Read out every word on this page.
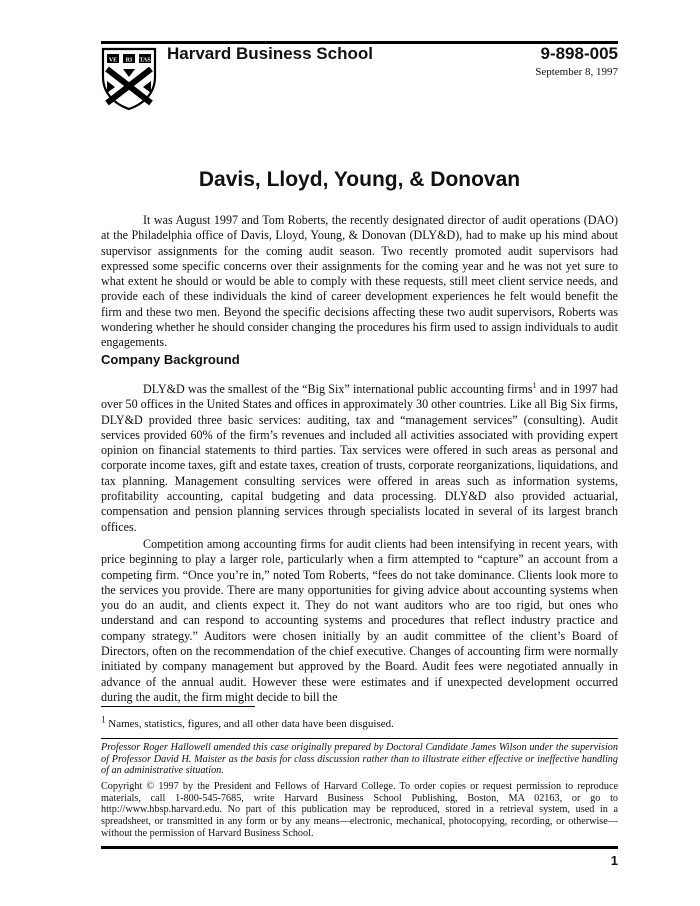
VE RI TAS Harvard Business School	9-898-005
September 8, 1997
Davis, Lloyd, Young, & Donovan

It was August 1997 and Tom Roberts, the recently designated director of audit operations (DAO) at the Philadelphia office of Davis, Lloyd, Young, & Donovan (DLY&D), had to make up his mind about supervisor assignments for the coming audit season. Two recently promoted audit supervisors had expressed some specific concerns over their assignments for the coming year and he was not yet sure to what extent he should or would be able to comply with these requests, still meet client service needs, and provide each of these individuals the kind of career development experiences he felt would benefit the firm and these two men. Beyond the specific decisions affecting these two audit supervisors, Roberts was wondering whether he should consider changing the procedures his firm used to assign individuals to audit engagements.

Company Background

DLY&D was the smallest of the “Big Six” international public accounting firms$^1$ and in 1997 had over 50 offices in the United States and offices in approximately 30 other countries. Like all Big Six firms, DLY&D provided three basic services: auditing, tax and “management services” (consulting). Audit services provided 60% of the firm’s revenues and included all activities associated with providing expert opinion on financial statements to third parties. Tax services were offered in such areas as personal and corporate income taxes, gift and estate taxes, creation of trusts, corporate reorganizations, liquidations, and tax planning. Management consulting services were offered in areas such as information systems, profitability accounting, capital budgeting and data processing. DLY&D also provided actuarial, compensation and pension planning services through specialists located in several of its largest branch offices.

Competition among accounting firms for audit clients had been intensifying in recent years, with price beginning to play a larger role, particularly when a firm attempted to “capture” an account from a competing firm. “Once you’re in,” noted Tom Roberts, “fees do not take dominance. Clients look more to the services you provide. There are many opportunities for giving advice about accounting systems when you do an audit, and clients expect it. They do not want auditors who are too rigid, but ones who understand and can respond to accounting systems and procedures that reflect industry practice and company strategy.” Auditors were chosen initially by an audit committee of the client’s Board of Directors, often on the recommendation of the chief executive. Changes of accounting firm were normally initiated by company management but approved by the Board. Audit fees were negotiated annually in advance of the annual audit. However these were estimates and if unexpected development occurred during the audit, the firm might decide to bill the

$^1$ Names, statistics, figures, and all other data have been disguised.
Professor Roger Hallowell amended this case originally prepared by Doctoral Candidate James Wilson under the supervision of Professor David H. Maister as the basis for class discussion rather than to illustrate either effective or ineffective handling of an administrative situation.
Copyright © 1997 by the President and Fellows of Harvard College. To order copies or request permission to reproduce materials, call 1-800-545-7685, write Harvard Business School Publishing, Boston, MA 02163, or go to http://www.hbsp.harvard.edu. No part of this publication may be reproduced, stored in a retrieval system, used in a spreadsheet, or transmitted in any form or by any means—electronic, mechanical, photocopying, recording, or otherwise—without the permission of Harvard Business School.
1
